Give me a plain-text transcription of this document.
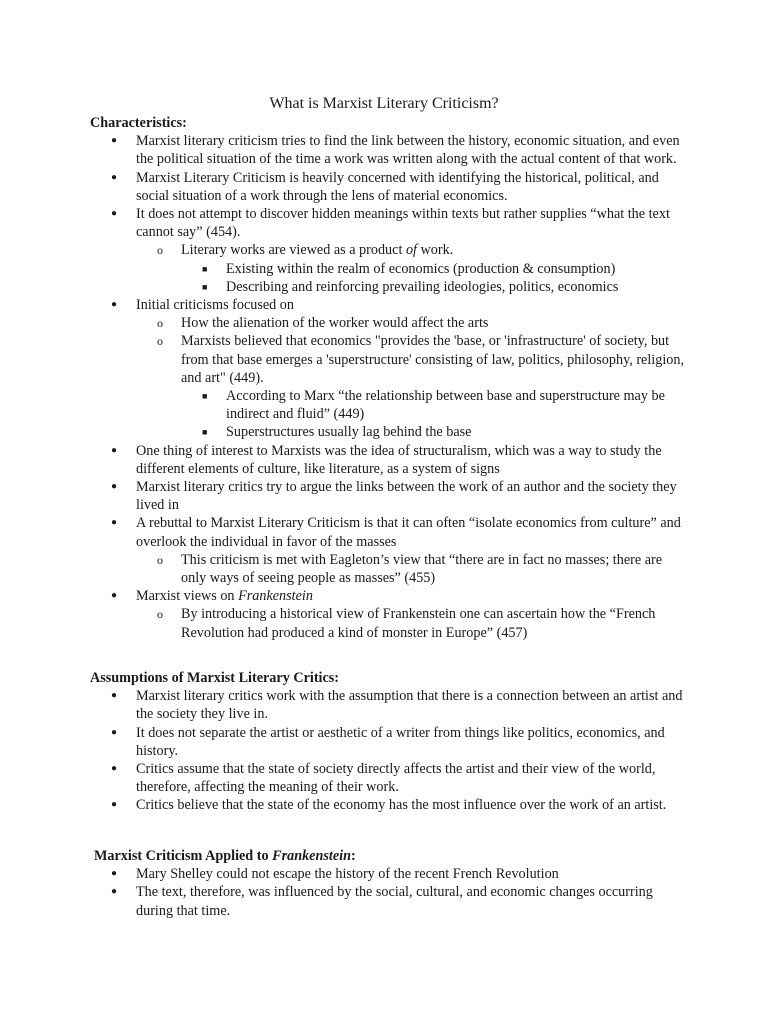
What is Marxist Literary Criticism?

Characteristics:

● Marxist literary criticism tries to find the link between the history, economic situation, and even the political situation of the time a work was written along with the actual content of that work.
● Marxist Literary Criticism is heavily concerned with identifying the historical, political, and social situation of a work through the lens of material economics.
● It does not attempt to discover hidden meanings within texts but rather supplies “what the text cannot say” (454).
o Literary works are viewed as a product of work.
■ Existing within the realm of economics (production & consumption)
■ Describing and reinforcing prevailing ideologies, politics, economics
● Initial criticisms focused on
o How the alienation of the worker would affect the arts
o Marxists believed that economics "provides the 'base, or 'infrastructure' of society, but from that base emerges a 'superstructure' consisting of law, politics, philosophy, religion, and art" (449).
■ According to Marx “the relationship between base and superstructure may be indirect and fluid” (449)
■ Superstructures usually lag behind the base
● One thing of interest to Marxists was the idea of structuralism, which was a way to study the different elements of culture, like literature, as a system of signs
● Marxist literary critics try to argue the links between the work of an author and the society they lived in
● A rebuttal to Marxist Literary Criticism is that it can often “isolate economics from culture” and overlook the individual in favor of the masses
o This criticism is met with Eagleton’s view that “there are in fact no masses; there are only ways of seeing people as masses” (455)
● Marxist views on Frankenstein
o By introducing a historical view of Frankenstein one can ascertain how the “French Revolution had produced a kind of monster in Europe” (457)

Assumptions of Marxist Literary Critics:

● Marxist literary critics work with the assumption that there is a connection between an artist and the society they live in.
● It does not separate the artist or aesthetic of a writer from things like politics, economics, and history.
● Critics assume that the state of society directly affects the artist and their view of the world, therefore, affecting the meaning of their work.
● Critics believe that the state of the economy has the most influence over the work of an artist.

Marxist Criticism Applied to Frankenstein:

● Mary Shelley could not escape the history of the recent French Revolution
● The text, therefore, was influenced by the social, cultural, and economic changes occurring during that time.
